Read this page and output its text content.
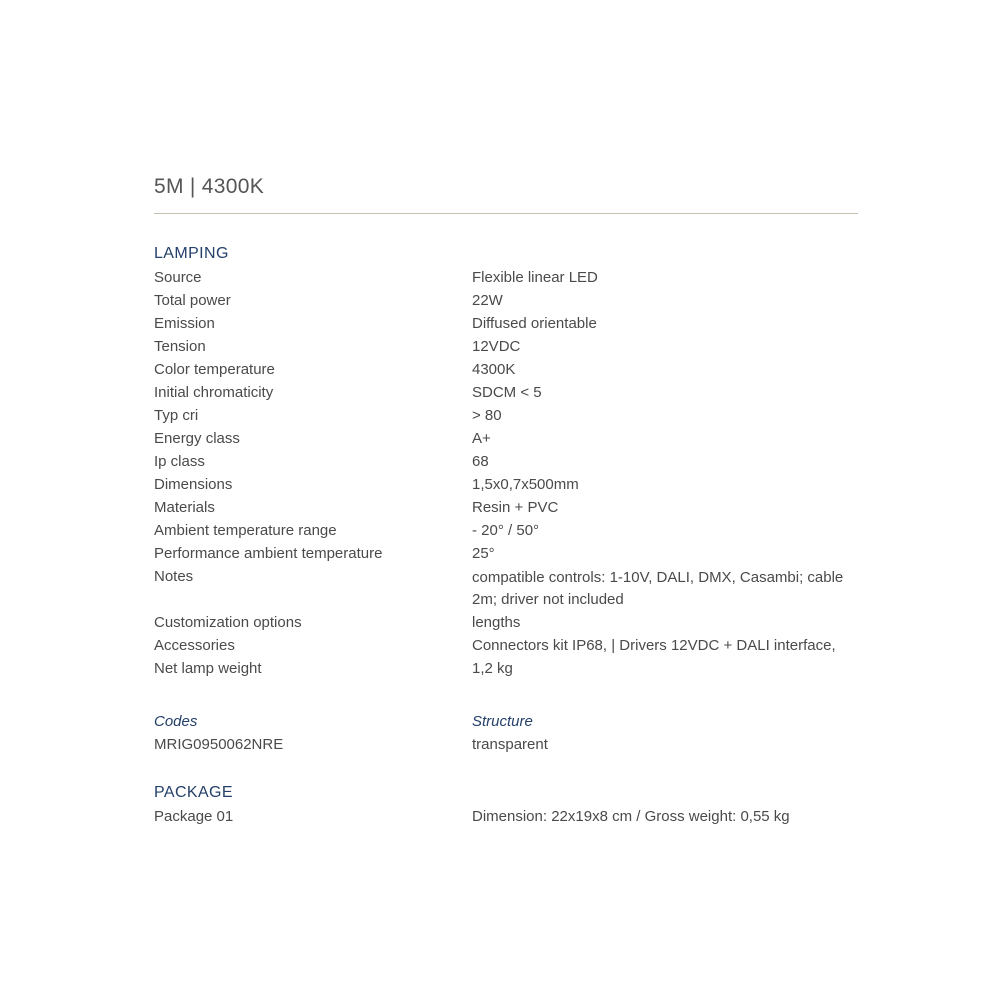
5M | 4300K
LAMPING
Source	Flexible linear LED
Total power	22W
Emission	Diffused orientable
Tension	12VDC
Color temperature	4300K
Initial chromaticity	SDCM < 5
Typ cri	> 80
Energy class	A+
Ip class	68
Dimensions	1,5x0,7x500mm
Materials	Resin + PVC
Ambient temperature range	- 20° / 50°
Performance ambient temperature	25°
Notes	compatible controls: 1-10V, DALI, DMX, Casambi; cable 2m; driver not included
Customization options	lengths
Accessories	Connectors kit IP68, | Drivers 12VDC + DALI interface,
Net lamp weight	1,2 kg
Codes	Structure
MRIG0950062NRE	transparent
PACKAGE
Package 01	Dimension: 22x19x8 cm / Gross weight: 0,55 kg
